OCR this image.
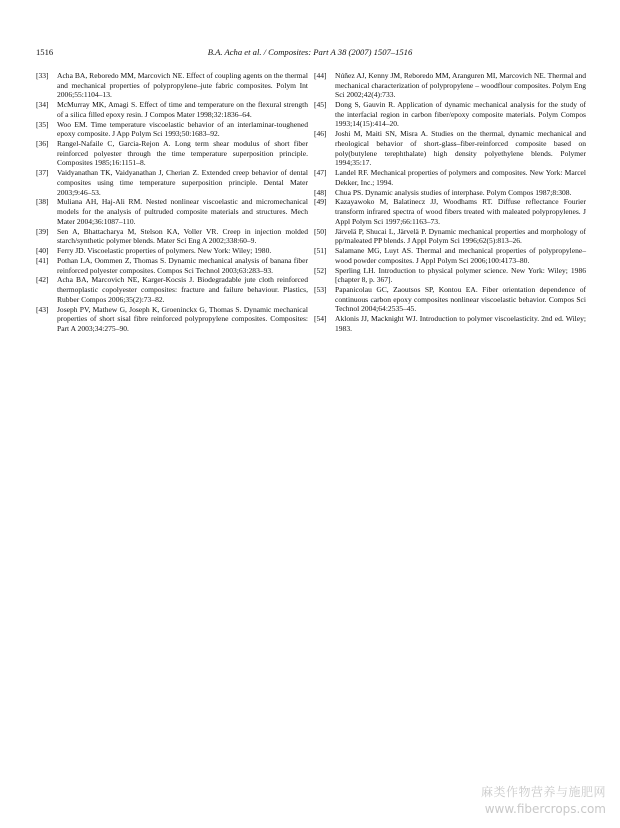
1516	B.A. Acha et al. / Composites: Part A 38 (2007) 1507–1516
[33] Acha BA, Reboredo MM, Marcovich NE. Effect of coupling agents on the thermal and mechanical properties of polypropylene–jute fabric composites. Polym Int 2006;55:1104–13.
[34] McMurray MK, Amagi S. Effect of time and temperature on the flexural strength of a silica filled epoxy resin. J Compos Mater 1998;32:1836–64.
[35] Woo EM. Time temperature viscoelastic behavior of an interlaminar-toughened epoxy composite. J App Polym Sci 1993;50:1683–92.
[36] Rangel-Nafaile C, Garcia-Rejon A. Long term shear modulus of short fiber reinforced polyester through the time temperature superposition principle. Composites 1985;16:1151–8.
[37] Vaidyanathan TK, Vaidyanathan J, Cherian Z. Extended creep behavior of dental composites using time temperature superposition principle. Dental Mater 2003;9:46–53.
[38] Muliana AH, Haj-Ali RM. Nested nonlinear viscoelastic and micromechanical models for the analysis of pultruded composite materials and structures. Mech Mater 2004;36:1087–110.
[39] Sen A, Bhattacharya M, Stelson KA, Voller VR. Creep in injection molded starch/synthetic polymer blends. Mater Sci Eng A 2002;338:60–9.
[40] Ferry JD. Viscoelastic properties of polymers. New York: Wiley; 1980.
[41] Pothan LA, Oommen Z, Thomas S. Dynamic mechanical analysis of banana fiber reinforced polyester composites. Compos Sci Technol 2003;63:283–93.
[42] Acha BA, Marcovich NE, Karger-Kocsis J. Biodegradable jute cloth reinforced thermoplastic copolyester composites: fracture and failure behaviour. Plastics, Rubber Compos 2006;35(2):73–82.
[43] Joseph PV, Mathew G, Joseph K, Groeninckx G, Thomas S. Dynamic mechanical properties of short sisal fibre reinforced polypropylene composites. Composites: Part A 2003;34:275–90.
[44] Núñez AJ, Kenny JM, Reboredo MM, Aranguren MI, Marcovich NE. Thermal and mechanical characterization of polypropylene – woodflour composites. Polym Eng Sci 2002;42(4):733.
[45] Dong S, Gauvin R. Application of dynamic mechanical analysis for the study of the interfacial region in carbon fiber/epoxy composite materials. Polym Compos 1993;14(15):414–20.
[46] Joshi M, Maiti SN, Misra A. Studies on the thermal, dynamic mechanical and rheological behavior of short-glass–fiber-reinforced composite based on poly(butylene terephthalate) high density polyethylene blends. Polymer 1994;35:17.
[47] Landel RF. Mechanical properties of polymers and composites. New York: Marcel Dekker, Inc.; 1994.
[48] Chua PS. Dynamic analysis studies of interphase. Polym Compos 1987;8:308.
[49] Kazayawoko M, Balatinecz JJ, Woodhams RT. Diffuse reflectance Fourier transform infrared spectra of wood fibers treated with maleated polypropylenes. J Appl Polym Sci 1997;66:1163–73.
[50] Järvelä P, Shucai L, Järvelä P. Dynamic mechanical properties and morphology of pp/maleated PP blends. J Appl Polym Sci 1996;62(5):813–26.
[51] Salamane MG, Luyt AS. Thermal and mechanical properties of polypropylene–wood powder composites. J Appl Polym Sci 2006;100:4173–80.
[52] Sperling LH. Introduction to physical polymer science. New York: Wiley; 1986 [chapter 8, p. 367].
[53] Papanicolau GC, Zaoutsos SP, Kontou EA. Fiber orientation dependence of continuous carbon epoxy composites nonlinear viscoelastic behavior. Compos Sci Technol 2004;64:2535–45.
[54] Aklonis JJ, Macknight WJ. Introduction to polymer viscoelasticity. 2nd ed. Wiley; 1983.
麻类作物营养与施肥网
www.fibercrops.com
